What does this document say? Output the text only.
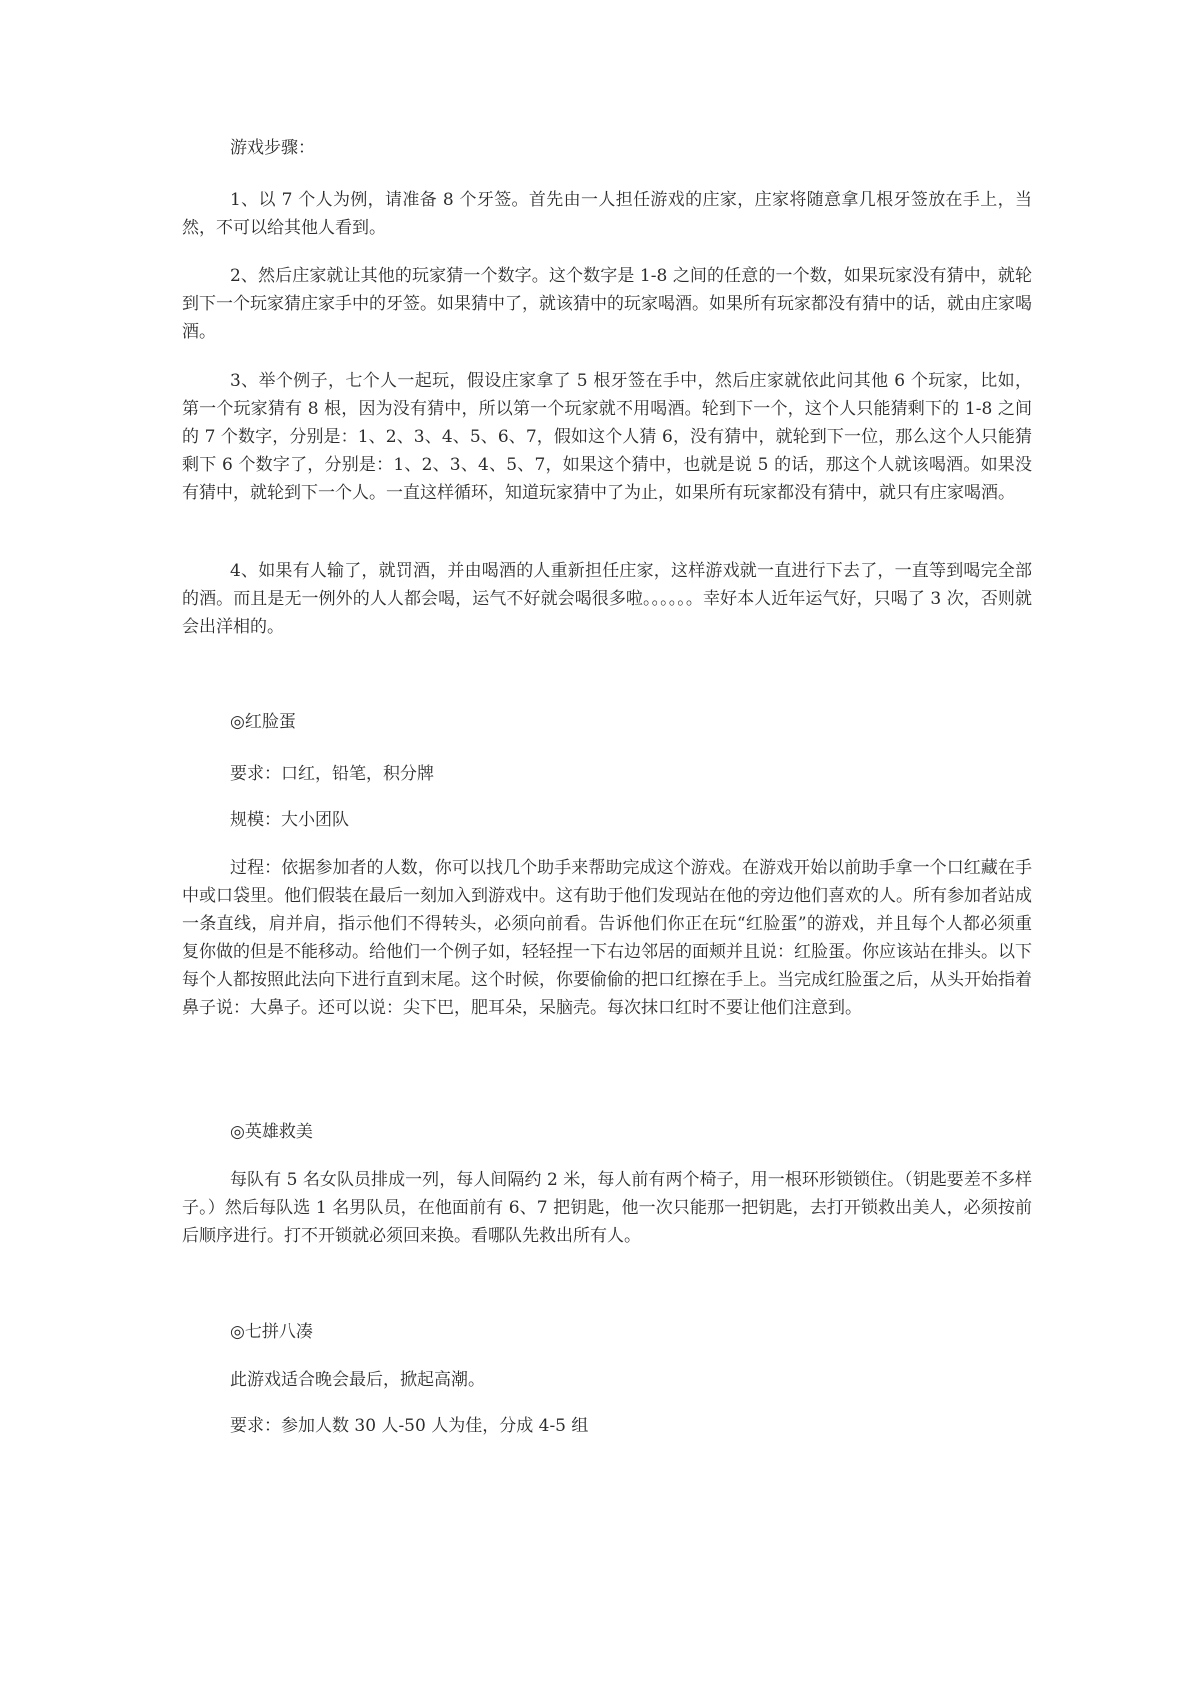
游戏步骤：

1、以 7 个人为例，请准备 8 个牙签。首先由一人担任游戏的庄家，庄家将随意拿几根牙签放在手上，当然，不可以给其他人看到。

2、然后庄家就让其他的玩家猜一个数字。这个数字是 1-8 之间的任意的一个数，如果玩家没有猜中，就轮到下一个玩家猜庄家手中的牙签。如果猜中了，就该猜中的玩家喝酒。如果所有玩家都没有猜中的话，就由庄家喝酒。

3、举个例子，七个人一起玩，假设庄家拿了 5 根牙签在手中，然后庄家就依此问其他 6 个玩家，比如，第一个玩家猜有 8 根，因为没有猜中，所以第一个玩家就不用喝酒。轮到下一个，这个人只能猜剩下的 1-8 之间的 7 个数字，分别是：1、2、3、4、5、6、7，假如这个人猜 6，没有猜中，就轮到下一位，那么这个人只能猜剩下 6 个数字了，分别是：1、2、3、4、5、7，如果这个猜中，也就是说 5 的话，那这个人就该喝酒。如果没有猜中，就轮到下一个人。一直这样循环，知道玩家猜中了为止，如果所有玩家都没有猜中，就只有庄家喝酒。

4、如果有人输了，就罚酒，并由喝酒的人重新担任庄家，这样游戏就一直进行下去了，一直等到喝完全部的酒。而且是无一例外的人人都会喝，运气不好就会喝很多啦。。。。。。幸好本人近年运气好，只喝了 3 次，否则就会出洋相的。

◎红脸蛋

要求：口红，铅笔，积分牌

规模：大小团队

过程：依据参加者的人数，你可以找几个助手来帮助完成这个游戏。在游戏开始以前助手拿一个口红藏在手中或口袋里。他们假装在最后一刻加入到游戏中。这有助于他们发现站在他的旁边他们喜欢的人。所有参加者站成一条直线，肩并肩，指示他们不得转头，必须向前看。告诉他们你正在玩“红脸蛋”的游戏，并且每个人都必须重复你做的但是不能移动。给他们一个例子如，轻轻捏一下右边邻居的面颊并且说：红脸蛋。你应该站在排头。以下每个人都按照此法向下进行直到末尾。这个时候，你要偷偷的把口红擦在手上。当完成红脸蛋之后，从头开始指着鼻子说：大鼻子。还可以说：尖下巴，肥耳朵，呆脑壳。每次抹口红时不要让他们注意到。

◎英雄救美

每队有 5 名女队员排成一列，每人间隔约 2 米，每人前有两个椅子，用一根环形锁锁住。（钥匙要差不多样子。）然后每队选 1 名男队员，在他面前有 6、7 把钥匙，他一次只能那一把钥匙，去打开锁救出美人，必须按前后顺序进行。打不开锁就必须回来换。看哪队先救出所有人。

◎七拼八凑

此游戏适合晚会最后，掀起高潮。

要求：参加人数 30 人-50 人为佳，分成 4-5 组
